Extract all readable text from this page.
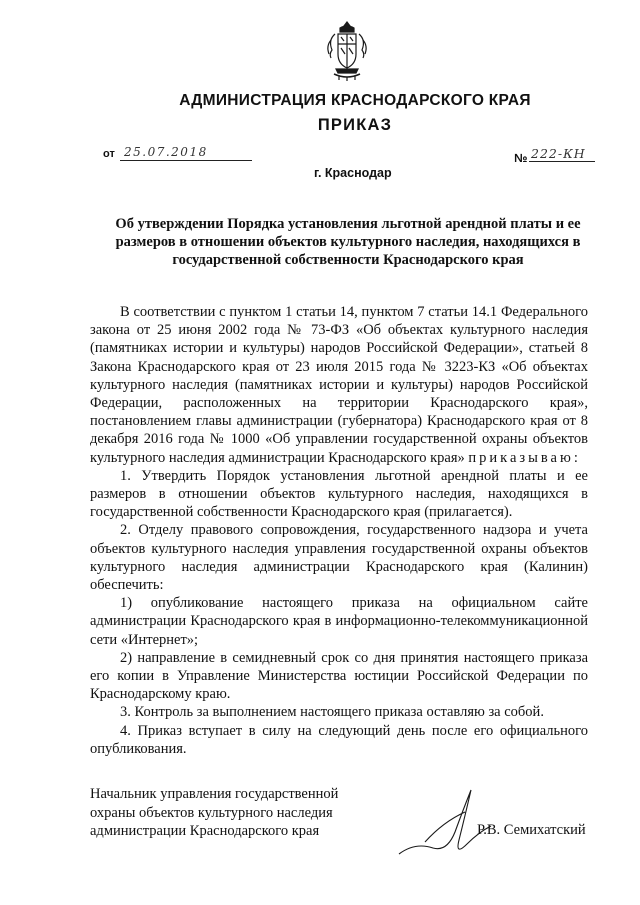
АДМИНИСТРАЦИЯ КРАСНОДАРСКОГО КРАЯ
ПРИКАЗ
от 25.07.2018
г. Краснодар
№ 222-КН
Об утверждении Порядка установления льготной арендной платы и ее размеров в отношении объектов культурного наследия, находящихся в государственной собственности Краснодарского края

В соответствии с пунктом 1 статьи 14, пунктом 7 статьи 14.1 Федерального закона от 25 июня 2002 года № 73-ФЗ «Об объектах культурного наследия (памятниках истории и культуры) народов Российской Федерации», статьей 8 Закона Краснодарского края от 23 июля 2015 года № 3223-КЗ «Об объектах культурного наследия (памятниках истории и культуры) народов Российской Федерации, расположенных на территории Краснодарского края», постановлением главы администрации (губернатора) Краснодарского края от 8 декабря 2016 года № 1000 «Об управлении государственной охраны объектов культурного наследия администрации Краснодарского края» приказываю:

1. Утвердить Порядок установления льготной арендной платы и ее размеров в отношении объектов культурного наследия, находящихся в государственной собственности Краснодарского края (прилагается).

2. Отделу правового сопровождения, государственного надзора и учета объектов культурного наследия управления государственной охраны объектов культурного наследия администрации Краснодарского края (Калинин) обеспечить:

1) опубликование настоящего приказа на официальном сайте администрации Краснодарского края в информационно-телекоммуникационной сети «Интернет»;

2) направление в семидневный срок со дня принятия настоящего приказа его копии в Управление Министерства юстиции Российской Федерации по Краснодарскому краю.

3. Контроль за выполнением настоящего приказа оставляю за собой.

4. Приказ вступает в силу на следующий день после его официального опубликования.

Начальник управления государственной
охраны объектов культурного наследия
администрации Краснодарского края	Р.В. Семихатский
